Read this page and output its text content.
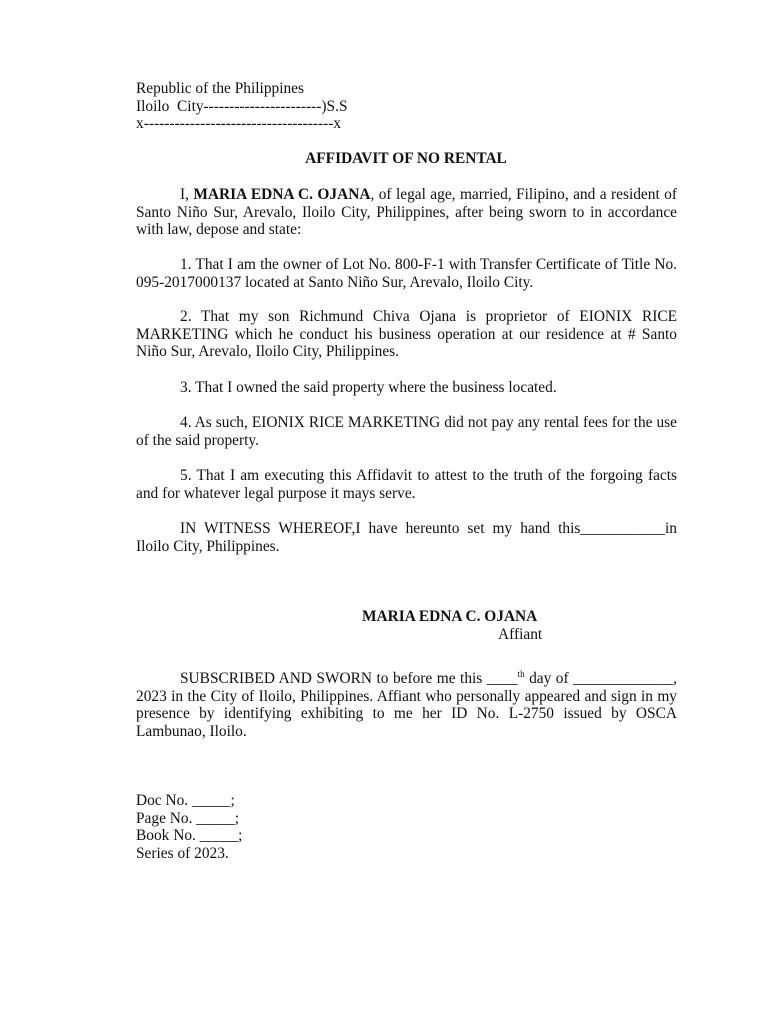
Republic of the Philippines
Iloilo  City-----------------------)S.S
x-------------------------------------x
AFFIDAVIT OF NO RENTAL

I, MARIA EDNA C. OJANA, of legal age, married, Filipino, and a resident of Santo Niño Sur, Arevalo, Iloilo City, Philippines, after being sworn to in accordance with law, depose and state:

1. That I am the owner of Lot No. 800-F-1 with Transfer Certificate of Title No. 095-2017000137 located at Santo Niño Sur, Arevalo, Iloilo City.

2. That my son Richmund Chiva Ojana is proprietor of EIONIX RICE MARKETING which he conduct his business operation at our residence at # Santo Niño Sur, Arevalo, Iloilo City, Philippines.

3. That I owned the said property where the business located.

4. As such, EIONIX RICE MARKETING did not pay any rental fees for the use of the said property.

5. That I am executing this Affidavit to attest to the truth of the forgoing facts and for whatever legal purpose it mays serve.

IN WITNESS WHEREOF,I have hereunto set my hand this___________in Iloilo City, Philippines.

MARIA EDNA C. OJANA
Affiant

SUBSCRIBED AND SWORN to before me this ____$^{th}$ day of _____________, 2023 in the City of Iloilo, Philippines. Affiant who personally appeared and sign in my presence by identifying exhibiting to me her ID No. L-2750 issued by OSCA Lambunao, Iloilo.

Doc No. _____;
Page No. _____;
Book No. _____;
Series of 2023.
